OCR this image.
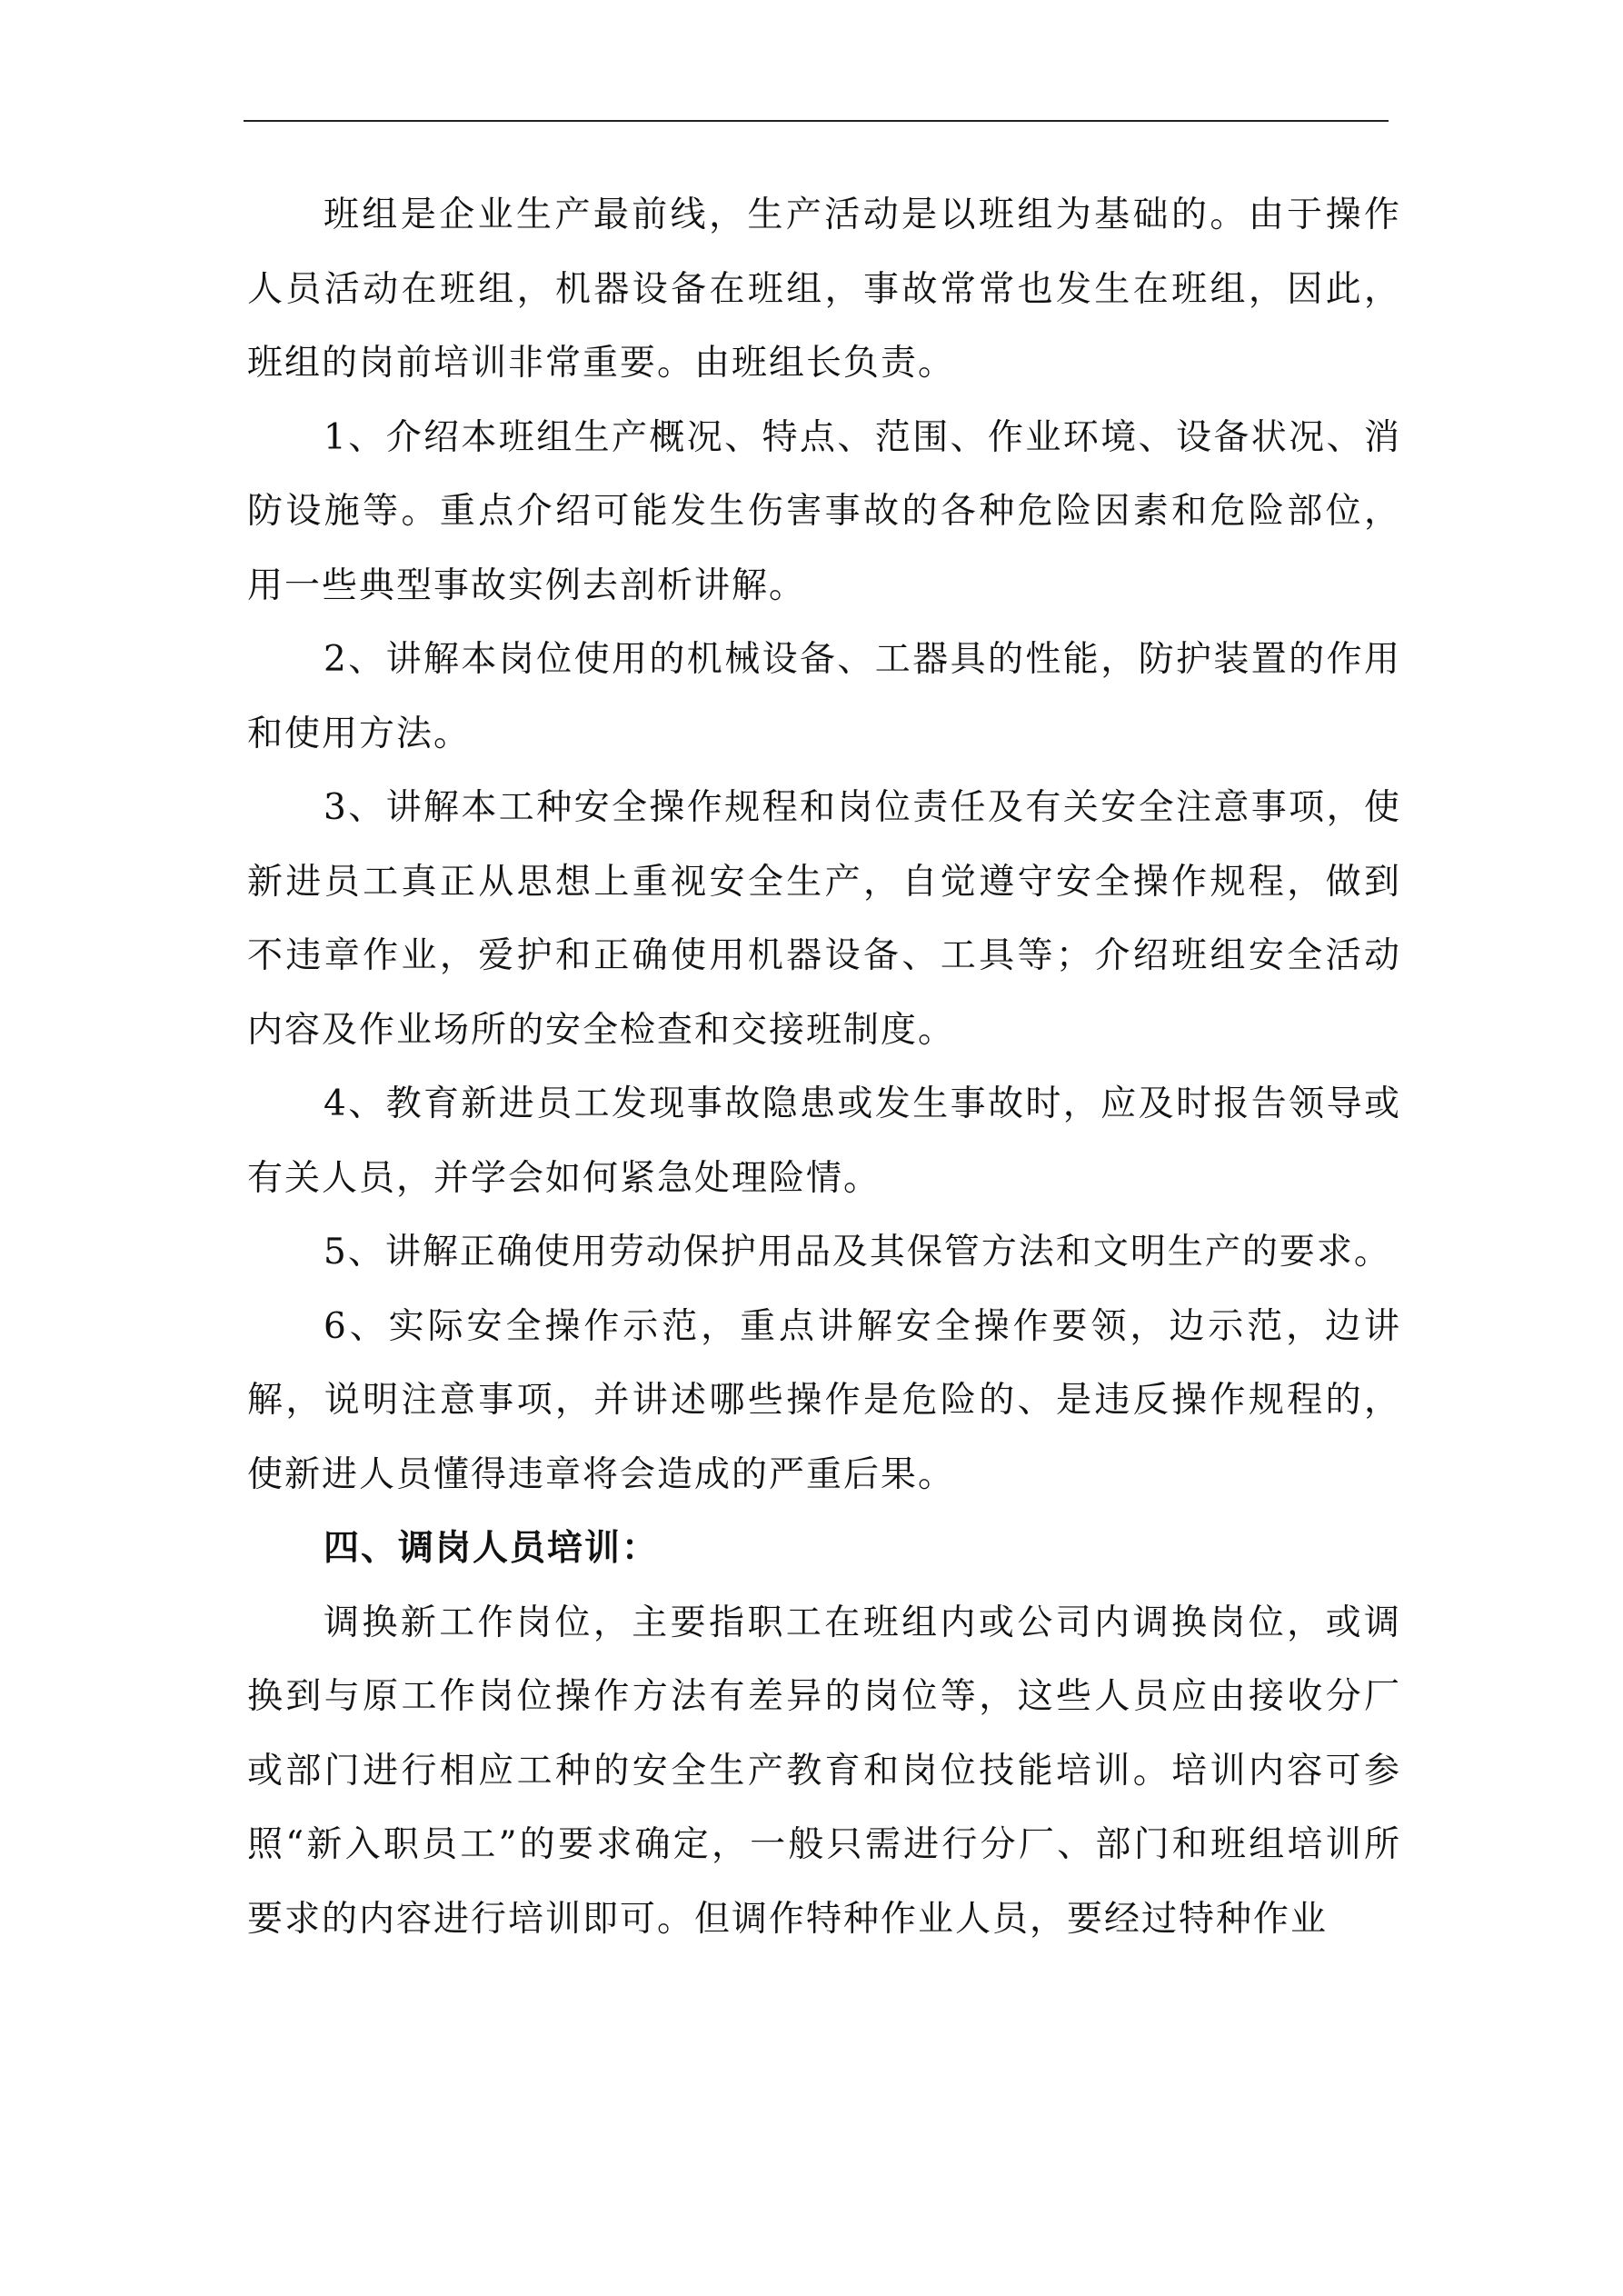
班组是企业生产最前线，生产活动是以班组为基础的。由于操作人员活动在班组，机器设备在班组，事故常常也发生在班组，因此，班组的岗前培训非常重要。由班组长负责。

1、介绍本班组生产概况、特点、范围、作业环境、设备状况、消防设施等。重点介绍可能发生伤害事故的各种危险因素和危险部位，用一些典型事故实例去剖析讲解。

2、讲解本岗位使用的机械设备、工器具的性能，防护装置的作用和使用方法。

3、讲解本工种安全操作规程和岗位责任及有关安全注意事项，使新进员工真正从思想上重视安全生产，自觉遵守安全操作规程，做到不违章作业，爱护和正确使用机器设备、工具等；介绍班组安全活动内容及作业场所的安全检查和交接班制度。

4、教育新进员工发现事故隐患或发生事故时，应及时报告领导或有关人员，并学会如何紧急处理险情。

5、讲解正确使用劳动保护用品及其保管方法和文明生产的要求。

6、实际安全操作示范，重点讲解安全操作要领，边示范，边讲解，说明注意事项，并讲述哪些操作是危险的、是违反操作规程的，使新进人员懂得违章将会造成的严重后果。

四、调岗人员培训：

调换新工作岗位，主要指职工在班组内或公司内调换岗位，或调换到与原工作岗位操作方法有差异的岗位等，这些人员应由接收分厂或部门进行相应工种的安全生产教育和岗位技能培训。培训内容可参照“新入职员工”的要求确定，一般只需进行分厂、部门和班组培训所要求的内容进行培训即可。但调作特种作业人员，要经过特种作业
